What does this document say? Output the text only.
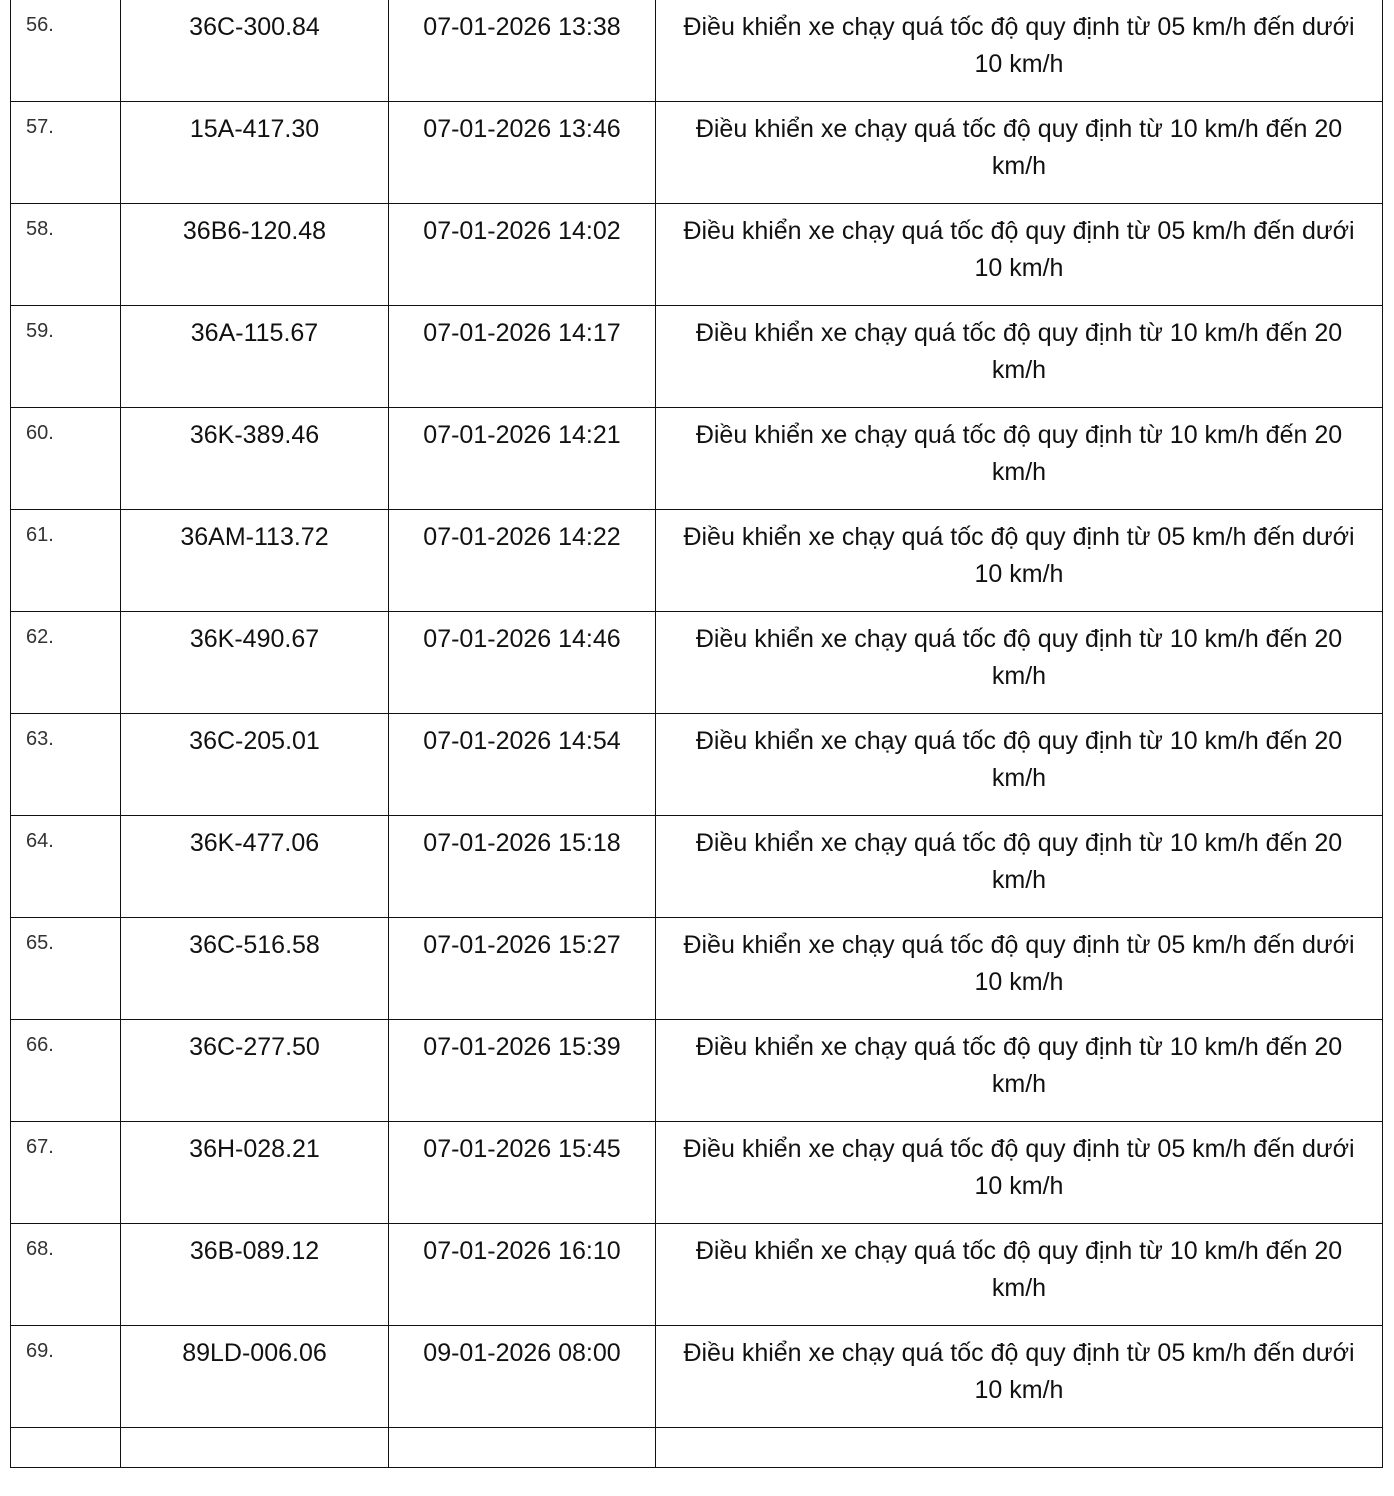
56.	36C-300.84	07-01-2026 13:38	Điều khiển xe chạy quá tốc độ quy định từ 05 km/h đến dưới 10 km/h
57.	15A-417.30	07-01-2026 13:46	Điều khiển xe chạy quá tốc độ quy định từ 10 km/h đến 20 km/h
58.	36B6-120.48	07-01-2026 14:02	Điều khiển xe chạy quá tốc độ quy định từ 05 km/h đến dưới 10 km/h
59.	36A-115.67	07-01-2026 14:17	Điều khiển xe chạy quá tốc độ quy định từ 10 km/h đến 20 km/h
60.	36K-389.46	07-01-2026 14:21	Điều khiển xe chạy quá tốc độ quy định từ 10 km/h đến 20 km/h
61.	36AM-113.72	07-01-2026 14:22	Điều khiển xe chạy quá tốc độ quy định từ 05 km/h đến dưới 10 km/h
62.	36K-490.67	07-01-2026 14:46	Điều khiển xe chạy quá tốc độ quy định từ 10 km/h đến 20 km/h
63.	36C-205.01	07-01-2026 14:54	Điều khiển xe chạy quá tốc độ quy định từ 10 km/h đến 20 km/h
64.	36K-477.06	07-01-2026 15:18	Điều khiển xe chạy quá tốc độ quy định từ 10 km/h đến 20 km/h
65.	36C-516.58	07-01-2026 15:27	Điều khiển xe chạy quá tốc độ quy định từ 05 km/h đến dưới 10 km/h
66.	36C-277.50	07-01-2026 15:39	Điều khiển xe chạy quá tốc độ quy định từ 10 km/h đến 20 km/h
67.	36H-028.21	07-01-2026 15:45	Điều khiển xe chạy quá tốc độ quy định từ 05 km/h đến dưới 10 km/h
68.	36B-089.12	07-01-2026 16:10	Điều khiển xe chạy quá tốc độ quy định từ 10 km/h đến 20 km/h
69.	89LD-006.06	09-01-2026 08:00	Điều khiển xe chạy quá tốc độ quy định từ 05 km/h đến dưới 10 km/h
